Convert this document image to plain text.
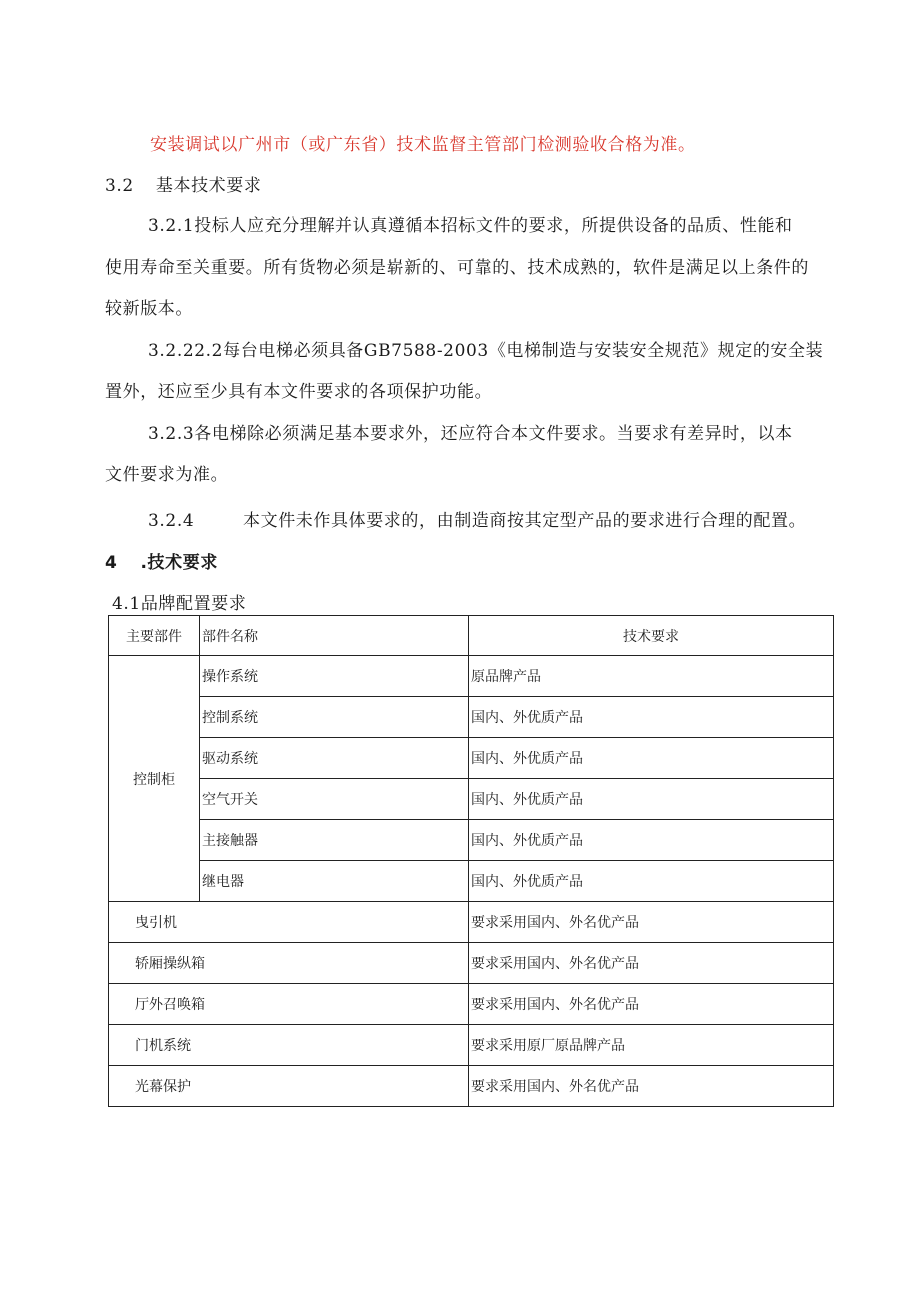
安装调试以广州市（或广东省）技术监督主管部门检测验收合格为准。
3.2 基本技术要求
3.2.1投标人应充分理解并认真遵循本招标文件的要求，所提供设备的品质、性能和
使用寿命至关重要。所有货物必须是崭新的、可靠的、技术成熟的，软件是满足以上条件的
较新版本。
3.2.22.2每台电梯必须具备GB7588-2003《电梯制造与安装安全规范》规定的安全装
置外，还应至少具有本文件要求的各项保护功能。
3.2.3各电梯除必须满足基本要求外，还应符合本文件要求。当要求有差异时，以本
文件要求为准。
3.2.4	本文件未作具体要求的，由制造商按其定型产品的要求进行合理的配置。
4 .技术要求
4.1品牌配置要求
主要部件	部件名称	技术要求
控制柜	操作系统	原品牌产品
	控制系统	国内、外优质产品
	驱动系统	国内、外优质产品
	空气开关	国内、外优质产品
	主接触器	国内、外优质产品
	继电器	国内、外优质产品
曳引机		要求采用国内、外名优产品
轿厢操纵箱		要求采用国内、外名优产品
厅外召唤箱		要求采用国内、外名优产品
门机系统		要求采用原厂原品牌产品
光幕保护		要求采用国内、外名优产品
